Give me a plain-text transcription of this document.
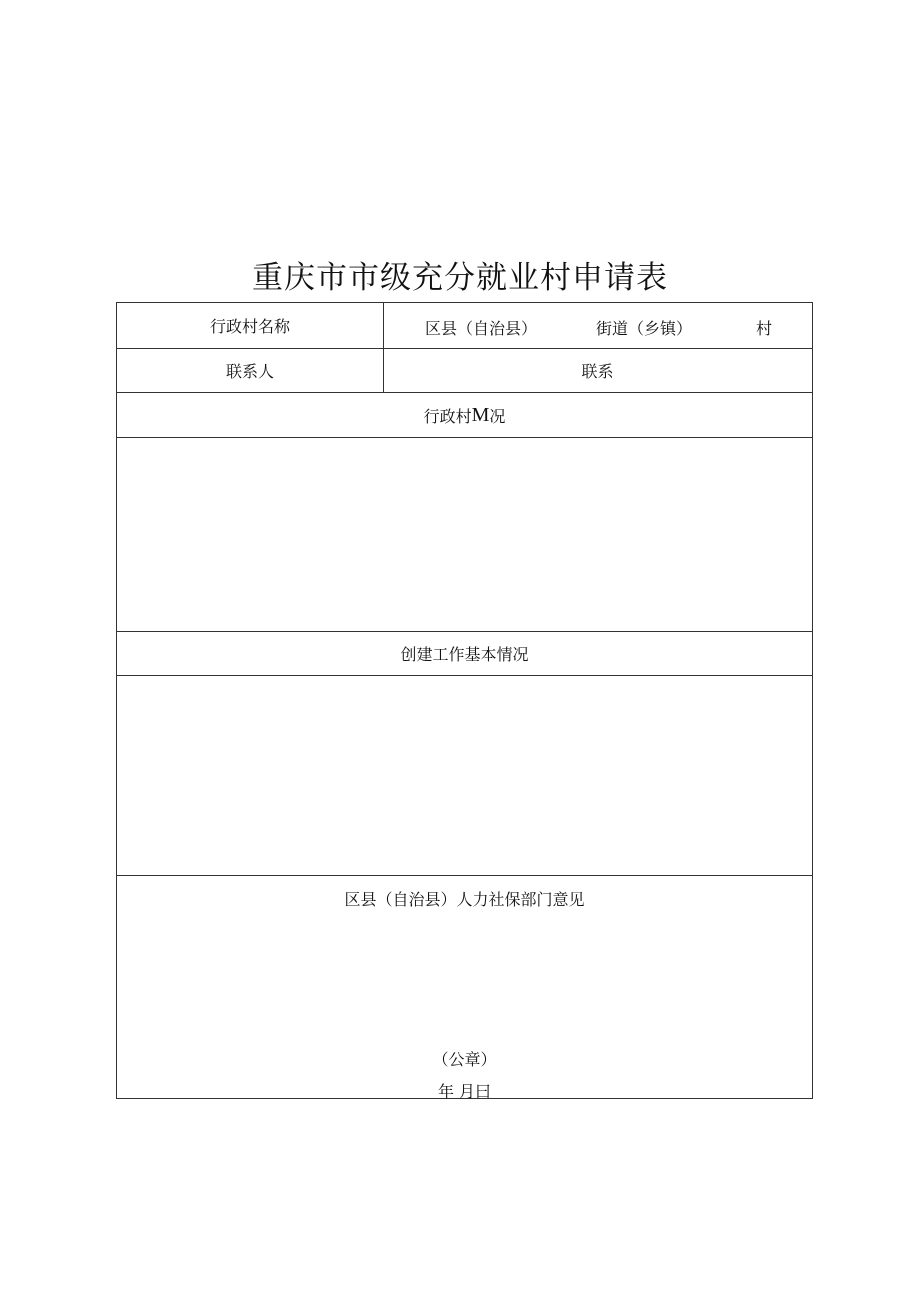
重庆市市级充分就业村申请表
行政村名称	区县（自治县）	街道（乡镇）	村
联系人	联系
行政村 M 况
创建工作基本情况
区县（自治县）人力社保部门意见
（公章）
年 月曰
